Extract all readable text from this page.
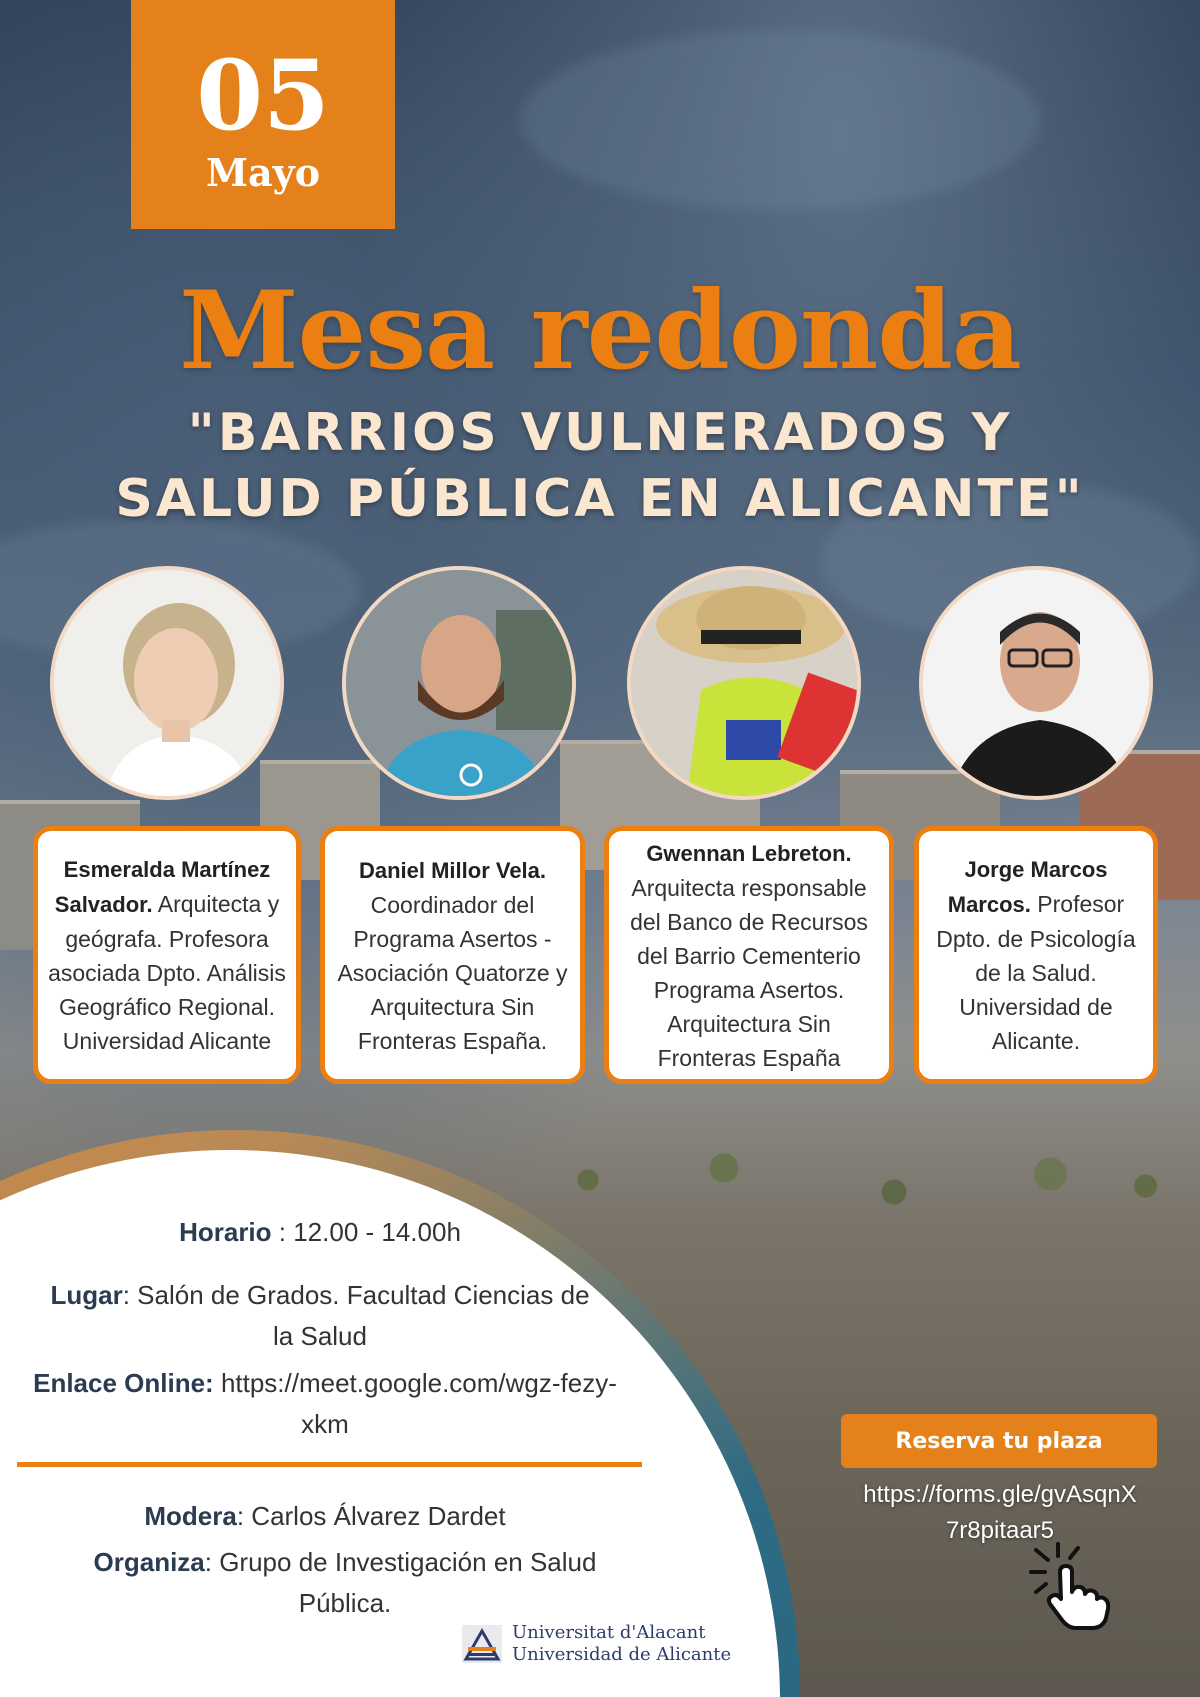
05
Mayo
Mesa redonda
"BARRIOS VULNERADOS Y
SALUD PÚBLICA EN ALICANTE"
Esmeralda Martínez Salvador. Arquitecta y geógrafa. Profesora asociada Dpto. Análisis Geográfico Regional. Universidad Alicante
Daniel Millor Vela. Coordinador del Programa Asertos - Asociación Quatorze y Arquitectura Sin Fronteras España.
Gwennan Lebreton. Arquitecta responsable del Banco de Recursos del Barrio Cementerio Programa Asertos. Arquitectura Sin Fronteras España
Jorge Marcos Marcos. Profesor Dpto. de Psicología de la Salud. Universidad de Alicante.
Horario : 12.00 - 14.00h
Lugar: Salón de Grados. Facultad Ciencias de la Salud
Enlace Online: https://meet.google.com/wgz-fezy-xkm
Modera: Carlos Álvarez Dardet
Organiza: Grupo de Investigación en Salud Pública.
Universitat d'Alacant
Universidad de Alicante
Reserva tu plaza
https://forms.gle/gvAsqnX7r8pitaar5
